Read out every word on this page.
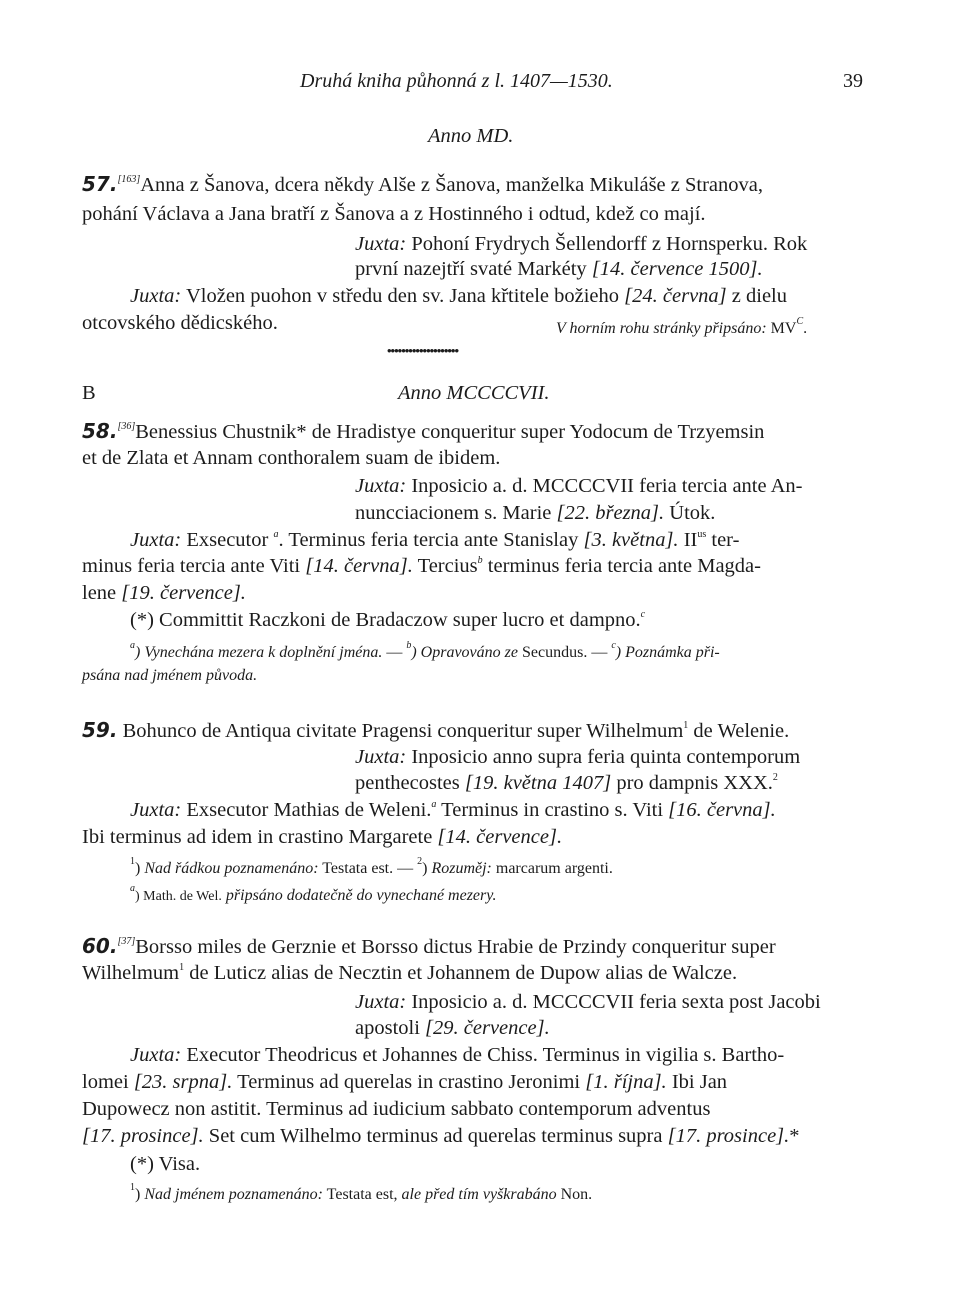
Druhá kniha půhonná z l. 1407—1530.	39
Anno MD.
57.[163]Anna z Šanova, dcera někdy Alše z Šanova, manželka Mikuláše z Stranova,
pohání Václava a Jana bratří z Šanova a z Hostinného i odtud, kdež co mají.
Juxta: Pohoní Frydrych Šellendorff z Hornsperku. Rok
první nazejtří svaté Markéty [14. července 1500].
Juxta: Vložen puohon v středu den sv. Jana křtitele božieho [24. června] z dielu
otcovského dědicského.	V horním rohu stránky připsáno: $MV^C$.
••••••••••••••••••••
B	Anno MCCCCVII.
58.[36]Benessius Chustnik* de Hradistye conqueritur super Yodocum de Trzyemsin
et de Zlata et Annam conthoralem suam de ibidem.
Juxta: Inposicio a. d. MCCCCVII feria tercia ante An-
nuncciacionem s. Marie [22. března]. Útok.
Juxta: Exsecutor $^a$. Terminus feria tercia ante Stanislay [3. května]. $II^{us}$ ter-
minus feria tercia ante Viti [14. června]. Tercius$^b$ terminus feria tercia ante Magda-
lene [19. července].
(*) Committit Raczkoni de Bradaczow super lucro et dampno.$^c$
$^a$) Vynechána mezera k doplnění jména. — $^b$) Opravováno ze Secundus. — $^c$) Poznámka při-
psána nad jménem původa.
59. Bohunco de Antiqua civitate Pragensi conqueritur super Wilhelmum$^1$ de Welenie.
Juxta: Inposicio anno supra feria quinta contemporum
penthecostes [19. května 1407] pro dampnis XXX.$^2$
Juxta: Exsecutor Mathias de Weleni.$^a$ Terminus in crastino s. Viti [16. června].
Ibi terminus ad idem in crastino Margarete [14. července].
$^1$) Nad řádkou poznamenáno: Testata est. — $^2$) Rozuměj: marcarum argenti.
$^a$) Math. de Wel. připsáno dodatečně do vynechané mezery.
60.[37]Borsso miles de Gerznie et Borsso dictus Hrabie de Przindy conqueritur super
Wilhelmum$^1$ de Luticz alias de Necztin et Johannem de Dupow alias de Walcze.
Juxta: Inposicio a. d. MCCCCVII feria sexta post Jacobi
apostoli [29. července].
Juxta: Executor Theodricus et Johannes de Chiss. Terminus in vigilia s. Bartho-
lomei [23. srpna]. Terminus ad querelas in crastino Jeronimi [1. října]. Ibi Jan
Dupowecz non astitit. Terminus ad iudicium sabbato contemporum adventus
[17. prosince]. Set cum Wilhelmo terminus ad querelas terminus supra [17. prosince].*
(*) Visa.
$^1$) Nad jménem poznamenáno: Testata est, ale před tím vyškrabáno Non.
